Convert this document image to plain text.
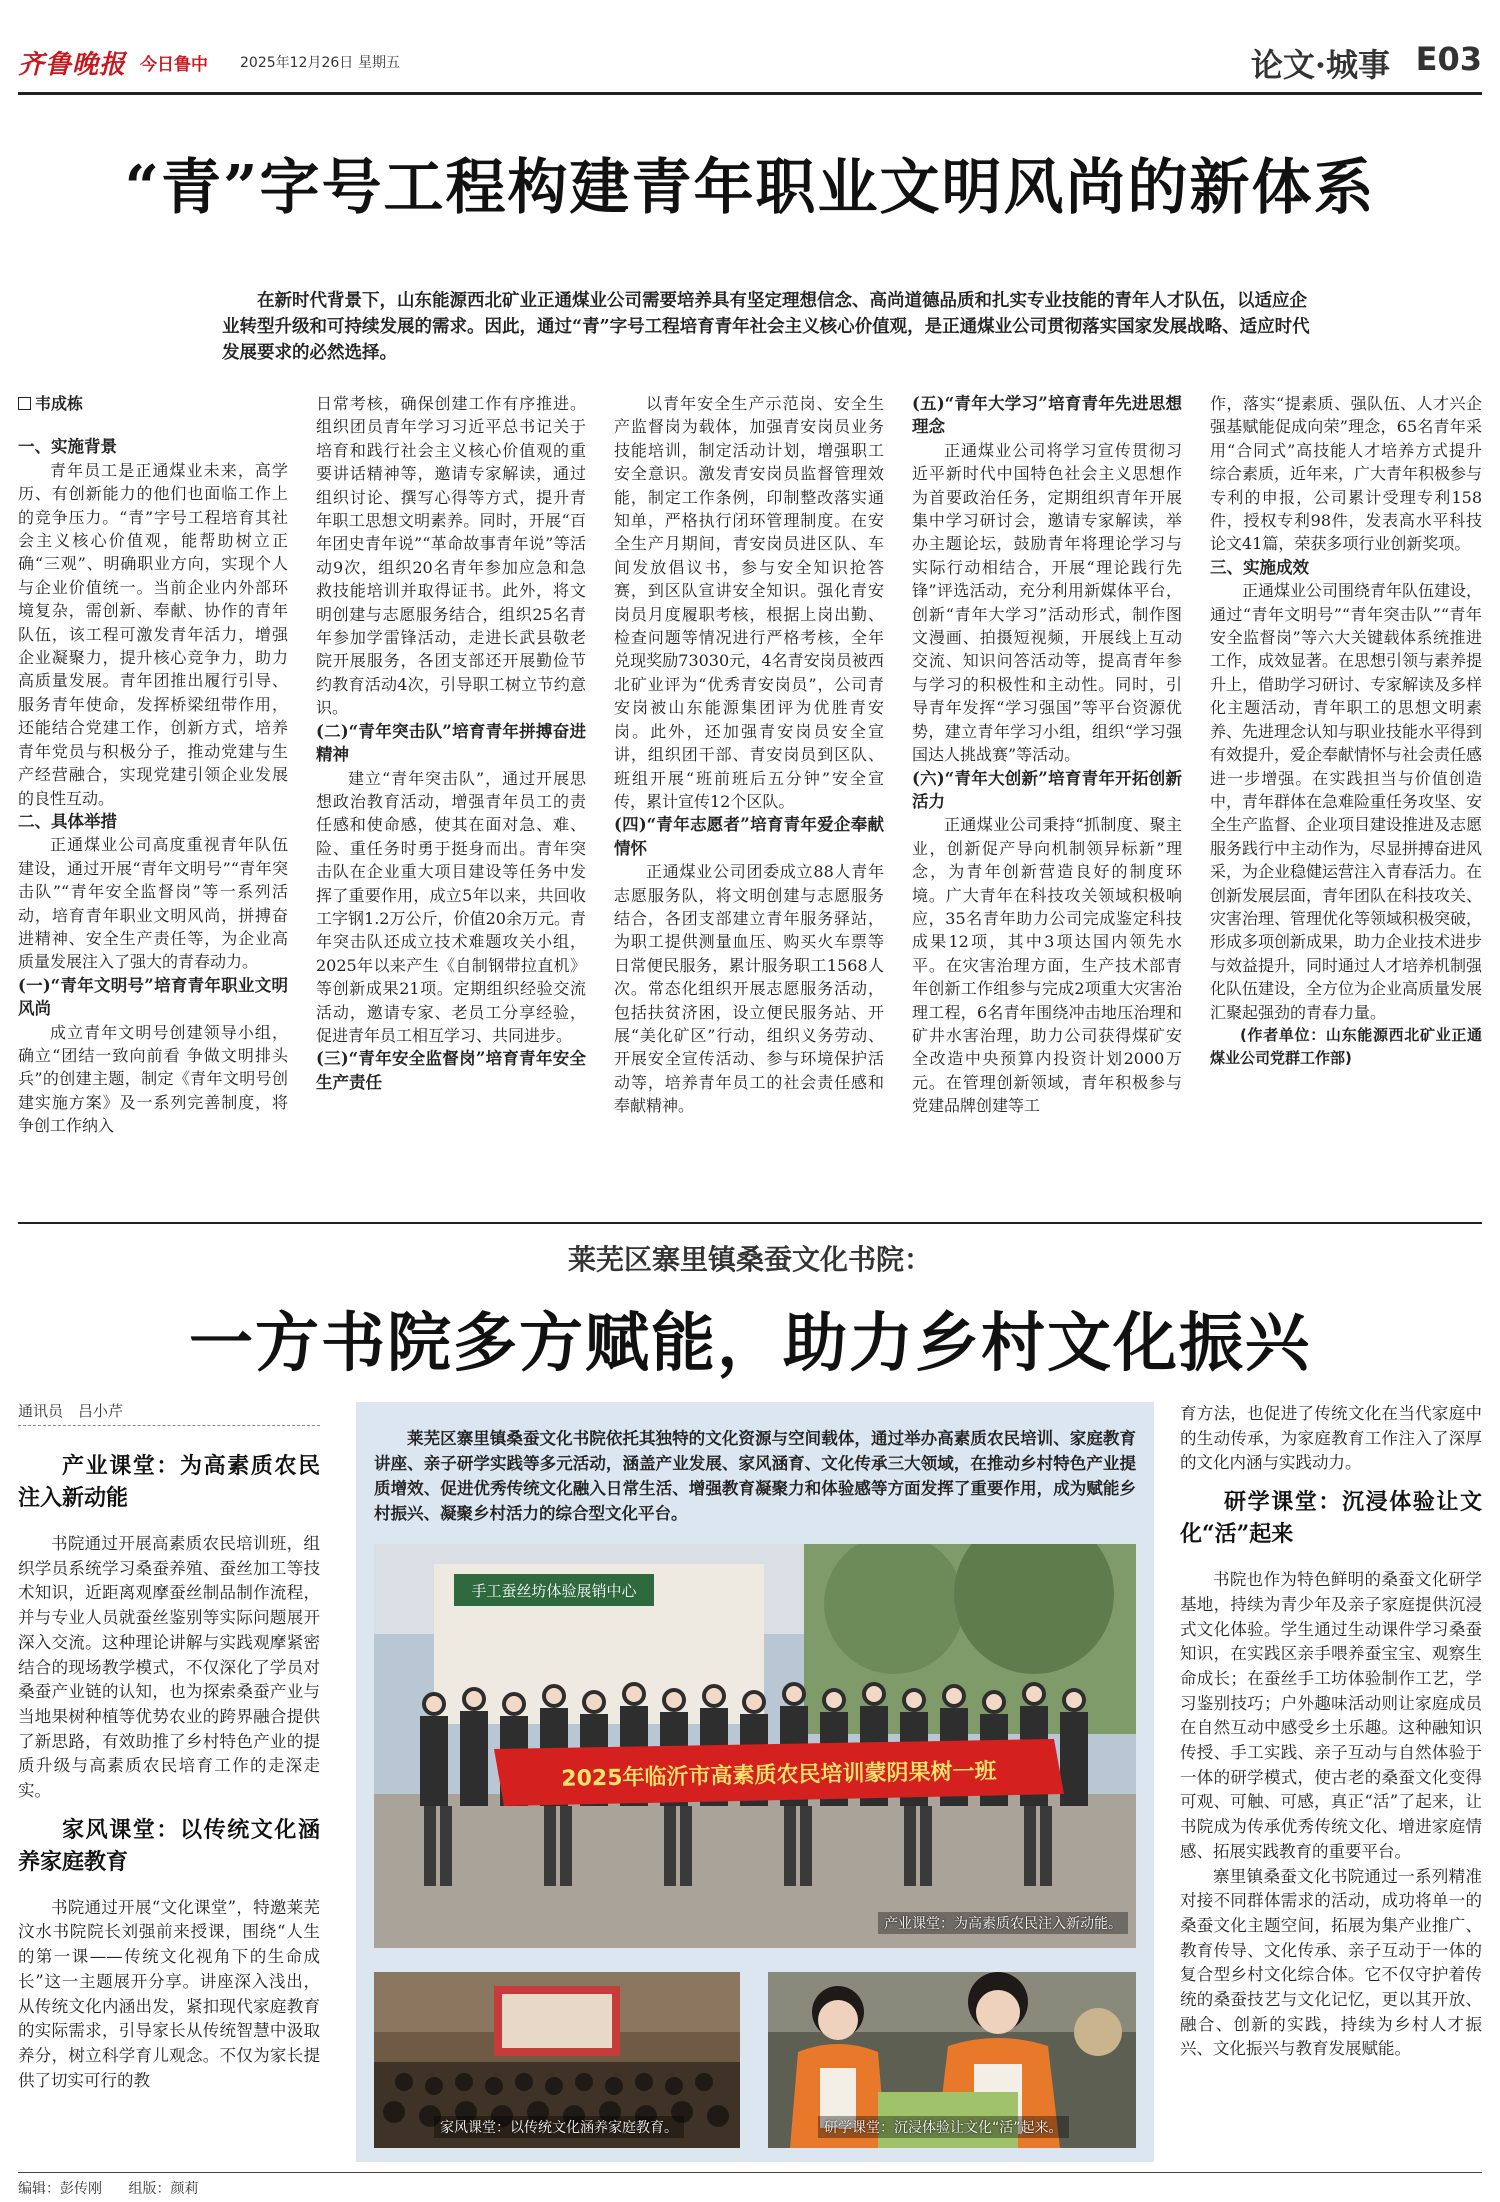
齐鲁晚报 今日鲁中 2025年12月26日 星期五	论文·城事 E03
“青”字号工程构建青年职业文明风尚的新体系

在新时代背景下，山东能源西北矿业正通煤业公司需要培养具有坚定理想信念、高尚道德品质和扎实专业技能的青年人才队伍，以适应企业转型升级和可持续发展的需求。因此，通过“青”字号工程培育青年社会主义核心价值观，是正通煤业公司贯彻落实国家发展战略、适应时代发展要求的必然选择。

韦成栋
一、实施背景

青年员工是正通煤业未来，高学历、有创新能力的他们也面临工作上的竞争压力。“青”字号工程培育其社会主义核心价值观，能帮助树立正确“三观”、明确职业方向，实现个人与企业价值统一。当前企业内外部环境复杂，需创新、奉献、协作的青年队伍，该工程可激发青年活力，增强企业凝聚力，提升核心竞争力，助力高质量发展。青年团推出履行引导、服务青年使命，发挥桥梁纽带作用，还能结合党建工作，创新方式，培养青年党员与积极分子，推动党建与生产经营融合，实现党建引领企业发展的良性互动。

二、具体举措

正通煤业公司高度重视青年队伍建设，通过开展“青年文明号”“青年突击队”“青年安全监督岗”等一系列活动，培育青年职业文明风尚，拼搏奋进精神、安全生产责任等，为企业高质量发展注入了强大的青春动力。

(一)“青年文明号”培育青年职业文明风尚

成立青年文明号创建领导小组，确立“团结一致向前看 争做文明排头兵”的创建主题，制定《青年文明号创建实施方案》及一系列完善制度，将争创工作纳入

日常考核，确保创建工作有序推进。组织团员青年学习习近平总书记关于培育和践行社会主义核心价值观的重要讲话精神等，邀请专家解读，通过组织讨论、撰写心得等方式，提升青年职工思想文明素养。同时，开展“百年团史青年说”“革命故事青年说”等活动9次，组织20名青年参加应急和急救技能培训并取得证书。此外，将文明创建与志愿服务结合，组织25名青年参加学雷锋活动，走进长武县敬老院开展服务，各团支部还开展勤俭节约教育活动4次，引导职工树立节约意识。

(二)“青年突击队”培育青年拼搏奋进精神

建立“青年突击队”，通过开展思想政治教育活动，增强青年员工的责任感和使命感，使其在面对急、难、险、重任务时勇于挺身而出。青年突击队在企业重大项目建设等任务中发挥了重要作用，成立5年以来，共回收工字钢1.2万公斤，价值20余万元。青年突击队还成立技术难题攻关小组，2025年以来产生《自制钢带拉直机》等创新成果21项。定期组织经验交流活动，邀请专家、老员工分享经验，促进青年员工相互学习、共同进步。

(三)“青年安全监督岗”培育青年安全生产责任

以青年安全生产示范岗、安全生产监督岗为载体，加强青安岗员业务技能培训，制定活动计划，增强职工安全意识。激发青安岗员监督管理效能，制定工作条例，印制整改落实通知单，严格执行闭环管理制度。在安全生产月期间，青安岗员进区队、车间发放倡议书，参与安全知识抢答赛，到区队宣讲安全知识。强化青安岗员月度履职考核，根据上岗出勤、检查问题等情况进行严格考核，全年兑现奖励73030元，4名青安岗员被西北矿业评为“优秀青安岗员”，公司青安岗被山东能源集团评为优胜青安岗。此外，还加强青安岗员安全宣讲，组织团干部、青安岗员到区队、班组开展“班前班后五分钟”安全宣传，累计宣传12个区队。

(四)“青年志愿者”培育青年爱企奉献情怀

正通煤业公司团委成立88人青年志愿服务队，将文明创建与志愿服务结合，各团支部建立青年服务驿站，为职工提供测量血压、购买火车票等日常便民服务，累计服务职工1568人次。常态化组织开展志愿服务活动，包括扶贫济困，设立便民服务站、开展“美化矿区”行动，组织义务劳动、开展安全宣传活动、参与环境保护活动等，培养青年员工的社会责任感和奉献精神。

(五)“青年大学习”培育青年先进思想理念

正通煤业公司将学习宣传贯彻习近平新时代中国特色社会主义思想作为首要政治任务，定期组织青年开展集中学习研讨会，邀请专家解读，举办主题论坛，鼓励青年将理论学习与实际行动相结合，开展“理论践行先锋”评选活动，充分利用新媒体平台，创新“青年大学习”活动形式，制作图文漫画、拍摄短视频，开展线上互动交流、知识问答活动等，提高青年参与学习的积极性和主动性。同时，引导青年发挥“学习强国”等平台资源优势，建立青年学习小组，组织“学习强国达人挑战赛”等活动。

(六)“青年大创新”培育青年开拓创新活力

正通煤业公司秉持“抓制度、聚主业，创新促产导向机制领异标新”理念，为青年创新营造良好的制度环境。广大青年在科技攻关领域积极响应，35名青年助力公司完成鉴定科技成果12项，其中3项达国内领先水平。在灾害治理方面，生产技术部青年创新工作组参与完成2项重大灾害治理工程，6名青年围绕冲击地压治理和矿井水害治理，助力公司获得煤矿安全改造中央预算内投资计划2000万元。在管理创新领域，青年积极参与党建品牌创建等工

作，落实“提素质、强队伍、人才兴企强基赋能促成向荣”理念，65名青年采用“合同式”高技能人才培养方式提升综合素质，近年来，广大青年积极参与专利的申报，公司累计受理专利158件，授权专利98件，发表高水平科技论文41篇，荣获多项行业创新奖项。

三、实施成效

正通煤业公司围绕青年队伍建设，通过“青年文明号”“青年突击队”“青年安全监督岗”等六大关键载体系统推进工作，成效显著。在思想引领与素养提升上，借助学习研讨、专家解读及多样化主题活动，青年职工的思想文明素养、先进理念认知与职业技能水平得到有效提升，爱企奉献情怀与社会责任感进一步增强。在实践担当与价值创造中，青年群体在急难险重任务攻坚、安全生产监督、企业项目建设推进及志愿服务践行中主动作为，尽显拼搏奋进风采，为企业稳健运营注入青春活力。在创新发展层面，青年团队在科技攻关、灾害治理、管理优化等领域积极突破，形成多项创新成果，助力企业技术进步与效益提升，同时通过人才培养机制强化队伍建设，全方位为企业高质量发展汇聚起强劲的青春力量。

(作者单位：山东能源西北矿业正通煤业公司党群工作部)

莱芜区寨里镇桑蚕文化书院：
一方书院多方赋能，助力乡村文化振兴
通讯员　吕小芹
产业课堂：为高素质农民注入新动能

书院通过开展高素质农民培训班，组织学员系统学习桑蚕养殖、蚕丝加工等技术知识，近距离观摩蚕丝制品制作流程，并与专业人员就蚕丝鉴别等实际问题展开深入交流。这种理论讲解与实践观摩紧密结合的现场教学模式，不仅深化了学员对桑蚕产业链的认知，也为探索桑蚕产业与当地果树种植等优势农业的跨界融合提供了新思路，有效助推了乡村特色产业的提质升级与高素质农民培育工作的走深走实。

家风课堂：以传统文化涵养家庭教育

书院通过开展“文化课堂”，特邀莱芜汶水书院院长刘强前来授课，围绕“人生的第一课——传统文化视角下的生命成长”这一主题展开分享。讲座深入浅出，从传统文化内涵出发，紧扣现代家庭教育的实际需求，引导家长从传统智慧中汲取养分，树立科学育儿观念。不仅为家长提供了切实可行的教

莱芜区寨里镇桑蚕文化书院依托其独特的文化资源与空间载体，通过举办高素质农民培训、家庭教育讲座、亲子研学实践等多元活动，涵盖产业发展、家风涵育、文化传承三大领域，在推动乡村特色产业提质增效、促进优秀传统文化融入日常生活、增强教育凝聚力和体验感等方面发挥了重要作用，成为赋能乡村振兴、凝聚乡村活力的综合型文化平台。

手工蚕丝坊体验展销中心
2025年临沂市高素质农民培训蒙阴果树一班
产业课堂：为高素质农民注入新动能。
家风课堂：以传统文化涵养家庭教育。	研学课堂：沉浸体验让文化“活”起来。

育方法，也促进了传统文化在当代家庭中的生动传承，为家庭教育工作注入了深厚的文化内涵与实践动力。

研学课堂：沉浸体验让文化“活”起来

书院也作为特色鲜明的桑蚕文化研学基地，持续为青少年及亲子家庭提供沉浸式文化体验。学生通过生动课件学习桑蚕知识，在实践区亲手喂养蚕宝宝、观察生命成长；在蚕丝手工坊体验制作工艺，学习鉴别技巧；户外趣味活动则让家庭成员在自然互动中感受乡土乐趣。这种融知识传授、手工实践、亲子互动与自然体验于一体的研学模式，使古老的桑蚕文化变得可观、可触、可感，真正“活”了起来，让书院成为传承优秀传统文化、增进家庭情感、拓展实践教育的重要平台。

寨里镇桑蚕文化书院通过一系列精准对接不同群体需求的活动，成功将单一的桑蚕文化主题空间，拓展为集产业推广、教育传导、文化传承、亲子互动于一体的复合型乡村文化综合体。它不仅守护着传统的桑蚕技艺与文化记忆，更以其开放、融合、创新的实践，持续为乡村人才振兴、文化振兴与教育发展赋能。

编辑：彭传刚 组版：颜莉
